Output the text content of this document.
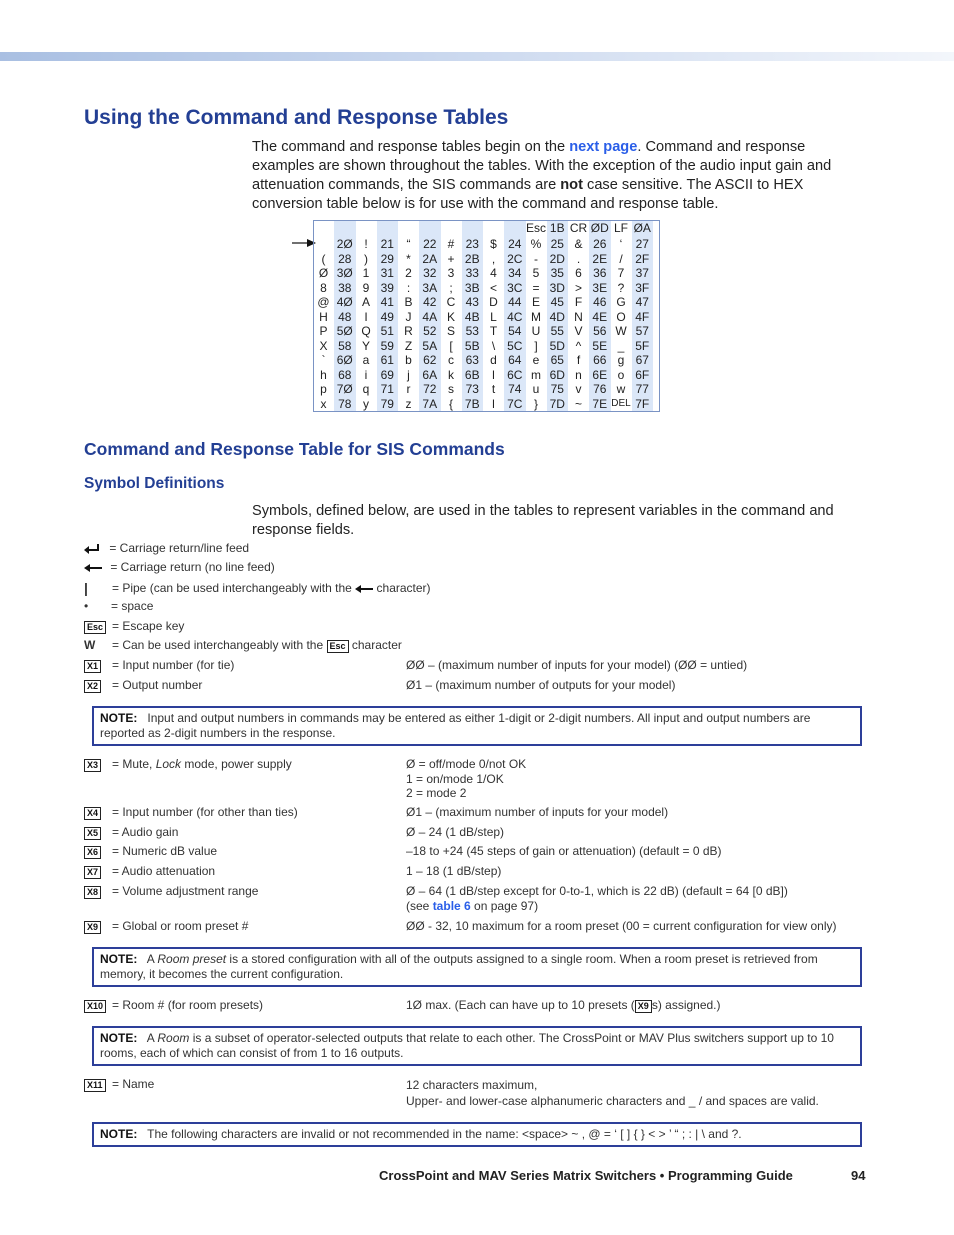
Using the Command and Response Tables
The command and response tables begin on the next page. Command and response examples are shown throughout the tables. With the exception of the audio input gain and attenuation commands, the SIS commands are not case sensitive. The ASCII to HEX conversion table below is for use with the command and response table.
										Esc	1B	CR	ØD	LF	ØA
	2Ø	!	21	“	22	#	23	$	24	%	25	&	26	‘	27
(	28	)	29	*	2A	+	2B	,	2C	-	2D	.	2E	/	2F
Ø	3Ø	1	31	2	32	3	33	4	34	5	35	6	36	7	37
8	38	9	39	:	3A	;	3B	<	3C	=	3D	>	3E	?	3F
@	4Ø	A	41	B	42	C	43	D	44	E	45	F	46	G	47
H	48	I	49	J	4A	K	4B	L	4C	M	4D	N	4E	O	4F
P	5Ø	Q	51	R	52	S	53	T	54	U	55	V	56	W	57
X	58	Y	59	Z	5A	[	5B	\	5C	]	5D	^	5E	_	5F
`	6Ø	a	61	b	62	c	63	d	64	e	65	f	66	g	67
h	68	i	69	j	6A	k	6B	l	6C	m	6D	n	6E	o	6F
p	7Ø	q	71	r	72	s	73	t	74	u	75	v	76	w	77
x	78	y	79	z	7A	{	7B	l	7C	}	7D	~	7E	DEL	7F
Command and Response Table for SIS Commands
Symbol Definitions
Symbols, defined below, are used in the tables to represent variables in the command and response fields.
= Carriage return/line feed
= Carriage return (no line feed)
| = Pipe (can be used interchangeably with the character)
• = space
Esc = Escape key
W = Can be used interchangeably with the Esc character
X1 = Input number (for tie)	ØØ – (maximum number of inputs for your model) (ØØ = untied)
X2 = Output number	Ø1 – (maximum number of outputs for your model)
NOTE: Input and output numbers in commands may be entered as either 1-digit or 2-digit numbers. All input and output numbers are reported as 2-digit numbers in the response.
X3 = Mute, Lock mode, power supply	Ø = off/mode 0/not OK
1 = on/mode 1/OK
2 = mode 2
X4 = Input number (for other than ties)	Ø1 – (maximum number of inputs for your model)
X5 = Audio gain	Ø – 24 (1 dB/step)
X6 = Numeric dB value	–18 to +24 (45 steps of gain or attenuation) (default = 0 dB)
X7 = Audio attenuation	1 – 18 (1 dB/step)
X8 = Volume adjustment range	Ø – 64 (1 dB/step except for 0-to-1, which is 22 dB) (default = 64 [0 dB])
(see table 6 on page 97)
X9 = Global or room preset #	ØØ - 32, 10 maximum for a room preset (00 = current configuration for view only)
NOTE: A Room preset is a stored configuration with all of the outputs assigned to a single room. When a room preset is retrieved from memory, it becomes the current configuration.
X10 = Room # (for room presets)	1Ø max. (Each can have up to 10 presets ( X9 s) assigned.)
NOTE: A Room is a subset of operator-selected outputs that relate to each other. The CrossPoint or MAV Plus switchers support up to 10 rooms, each of which can consist of from 1 to 16 outputs.
X11 = Name	12 characters maximum,
Upper- and lower-case alphanumeric characters and _ / and spaces are valid.
NOTE: The following characters are invalid or not recommended in the name: <space> ~ , @ = ‘ [ ] { } < > ’ “ ; : | \ and ?.
CrossPoint and MAV Series Matrix Switchers • Programming Guide	94
